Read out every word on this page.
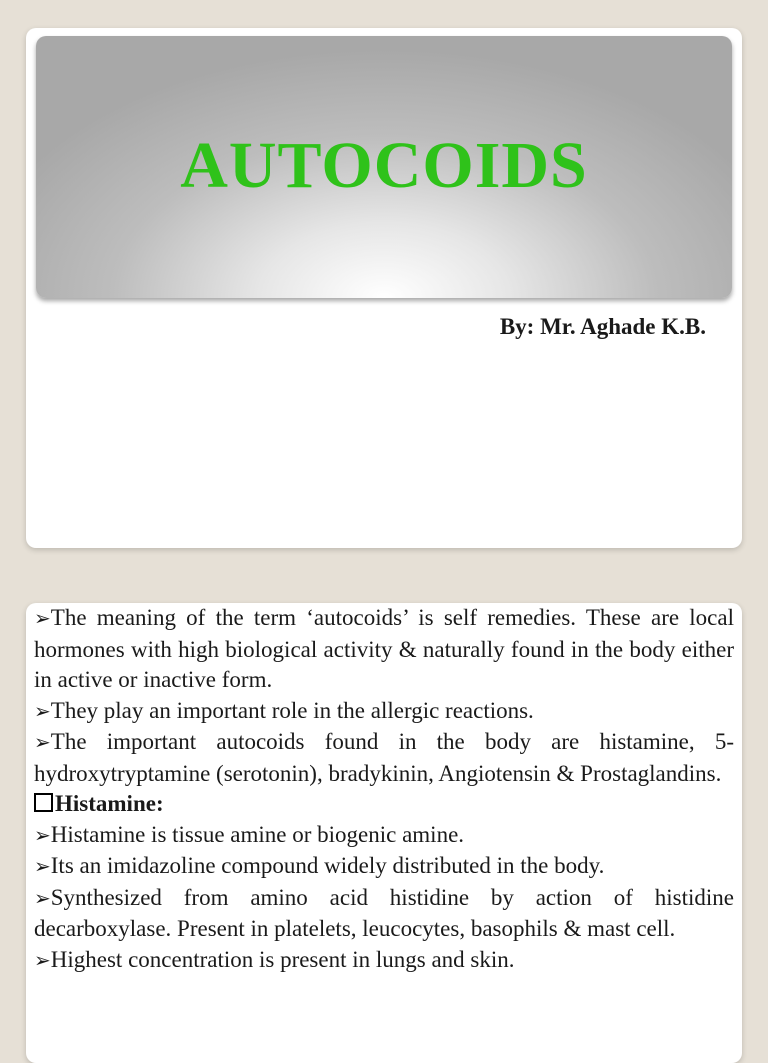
AUTOCOIDS
By: Mr. Aghade K.B.

➢The meaning of the term ‘autocoids’ is self remedies. These are local hormones with high biological activity & naturally found in the body either in active or inactive form.

➢They play an important role in the allergic reactions.

➢The important autocoids found in the body are histamine, 5-hydroxytryptamine (serotonin), bradykinin, Angiotensin & Prostaglandins.

Histamine:

➢Histamine is tissue amine or biogenic amine.

➢Its an imidazoline compound widely distributed in the body.

➢Synthesized from amino acid histidine by action of histidine decarboxylase. Present in platelets, leucocytes, basophils & mast cell.

➢Highest concentration is present in lungs and skin.
